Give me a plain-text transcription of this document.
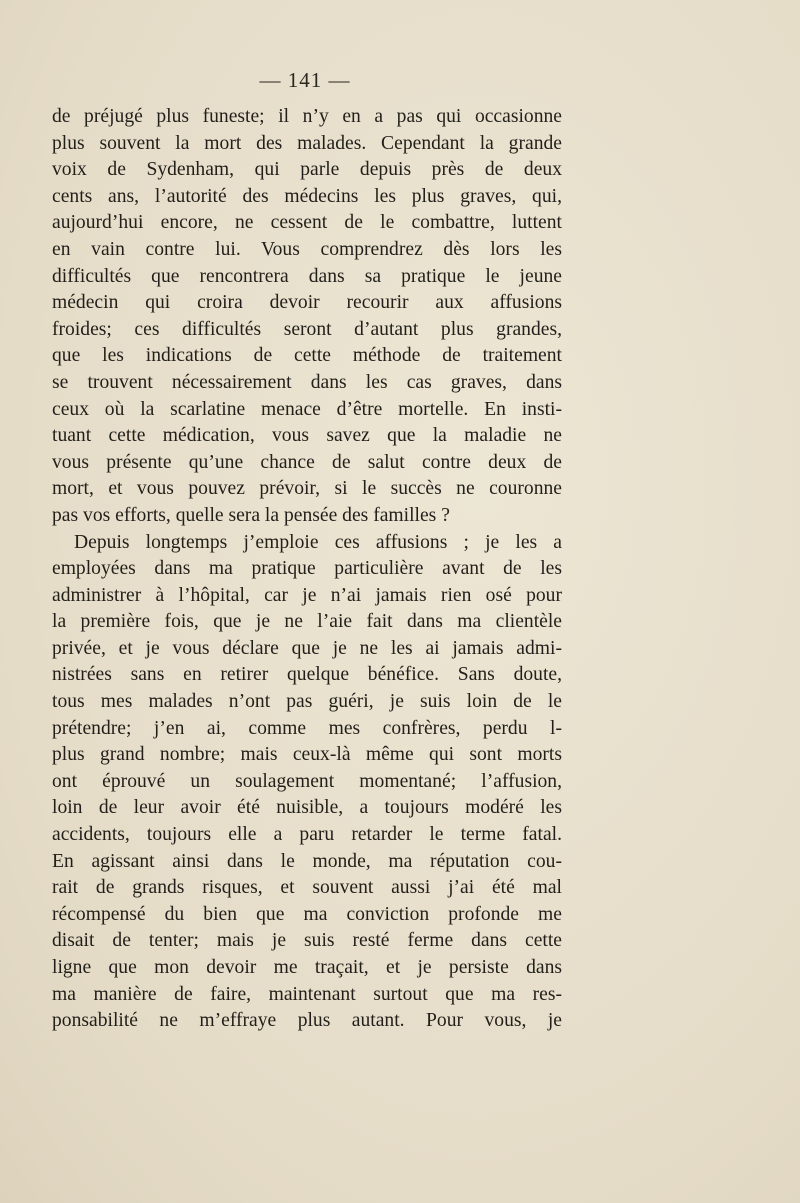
— 141 —
de préjugé plus funeste; il n’y en a pas qui occasionne
plus souvent la mort des malades. Cependant la grande
voix de Sydenham, qui parle depuis près de deux
cents ans, l’autorité des médecins les plus graves, qui,
aujourd’hui encore, ne cessent de le combattre, luttent
en vain contre lui. Vous comprendrez dès lors les
difficultés que rencontrera dans sa pratique le jeune
médecin qui croira devoir recourir aux affusions
froides; ces difficultés seront d’autant plus grandes,
que les indications de cette méthode de traitement
se trouvent nécessairement dans les cas graves, dans
ceux où la scarlatine menace d’être mortelle. En insti-
tuant cette médication, vous savez que la maladie ne
vous présente qu’une chance de salut contre deux de
mort, et vous pouvez prévoir, si le succès ne couronne
pas vos efforts, quelle sera la pensée des familles ?
Depuis longtemps j’emploie ces affusions ; je les a
employées dans ma pratique particulière avant de les
administrer à l’hôpital, car je n’ai jamais rien osé pour
la première fois, que je ne l’aie fait dans ma clientèle
privée, et je vous déclare que je ne les ai jamais admi-
nistrées sans en retirer quelque bénéfice. Sans doute,
tous mes malades n’ont pas guéri, je suis loin de le
prétendre; j’en ai, comme mes confrères, perdu l-
plus grand nombre; mais ceux-là même qui sont morts
ont éprouvé un soulagement momentané; l’affusion,
loin de leur avoir été nuisible, a toujours modéré les
accidents, toujours elle a paru retarder le terme fatal.
En agissant ainsi dans le monde, ma réputation cou-
rait de grands risques, et souvent aussi j’ai été mal
récompensé du bien que ma conviction profonde me
disait de tenter; mais je suis resté ferme dans cette
ligne que mon devoir me traçait, et je persiste dans
ma manière de faire, maintenant surtout que ma res-
ponsabilité ne m’effraye plus autant. Pour vous, je
